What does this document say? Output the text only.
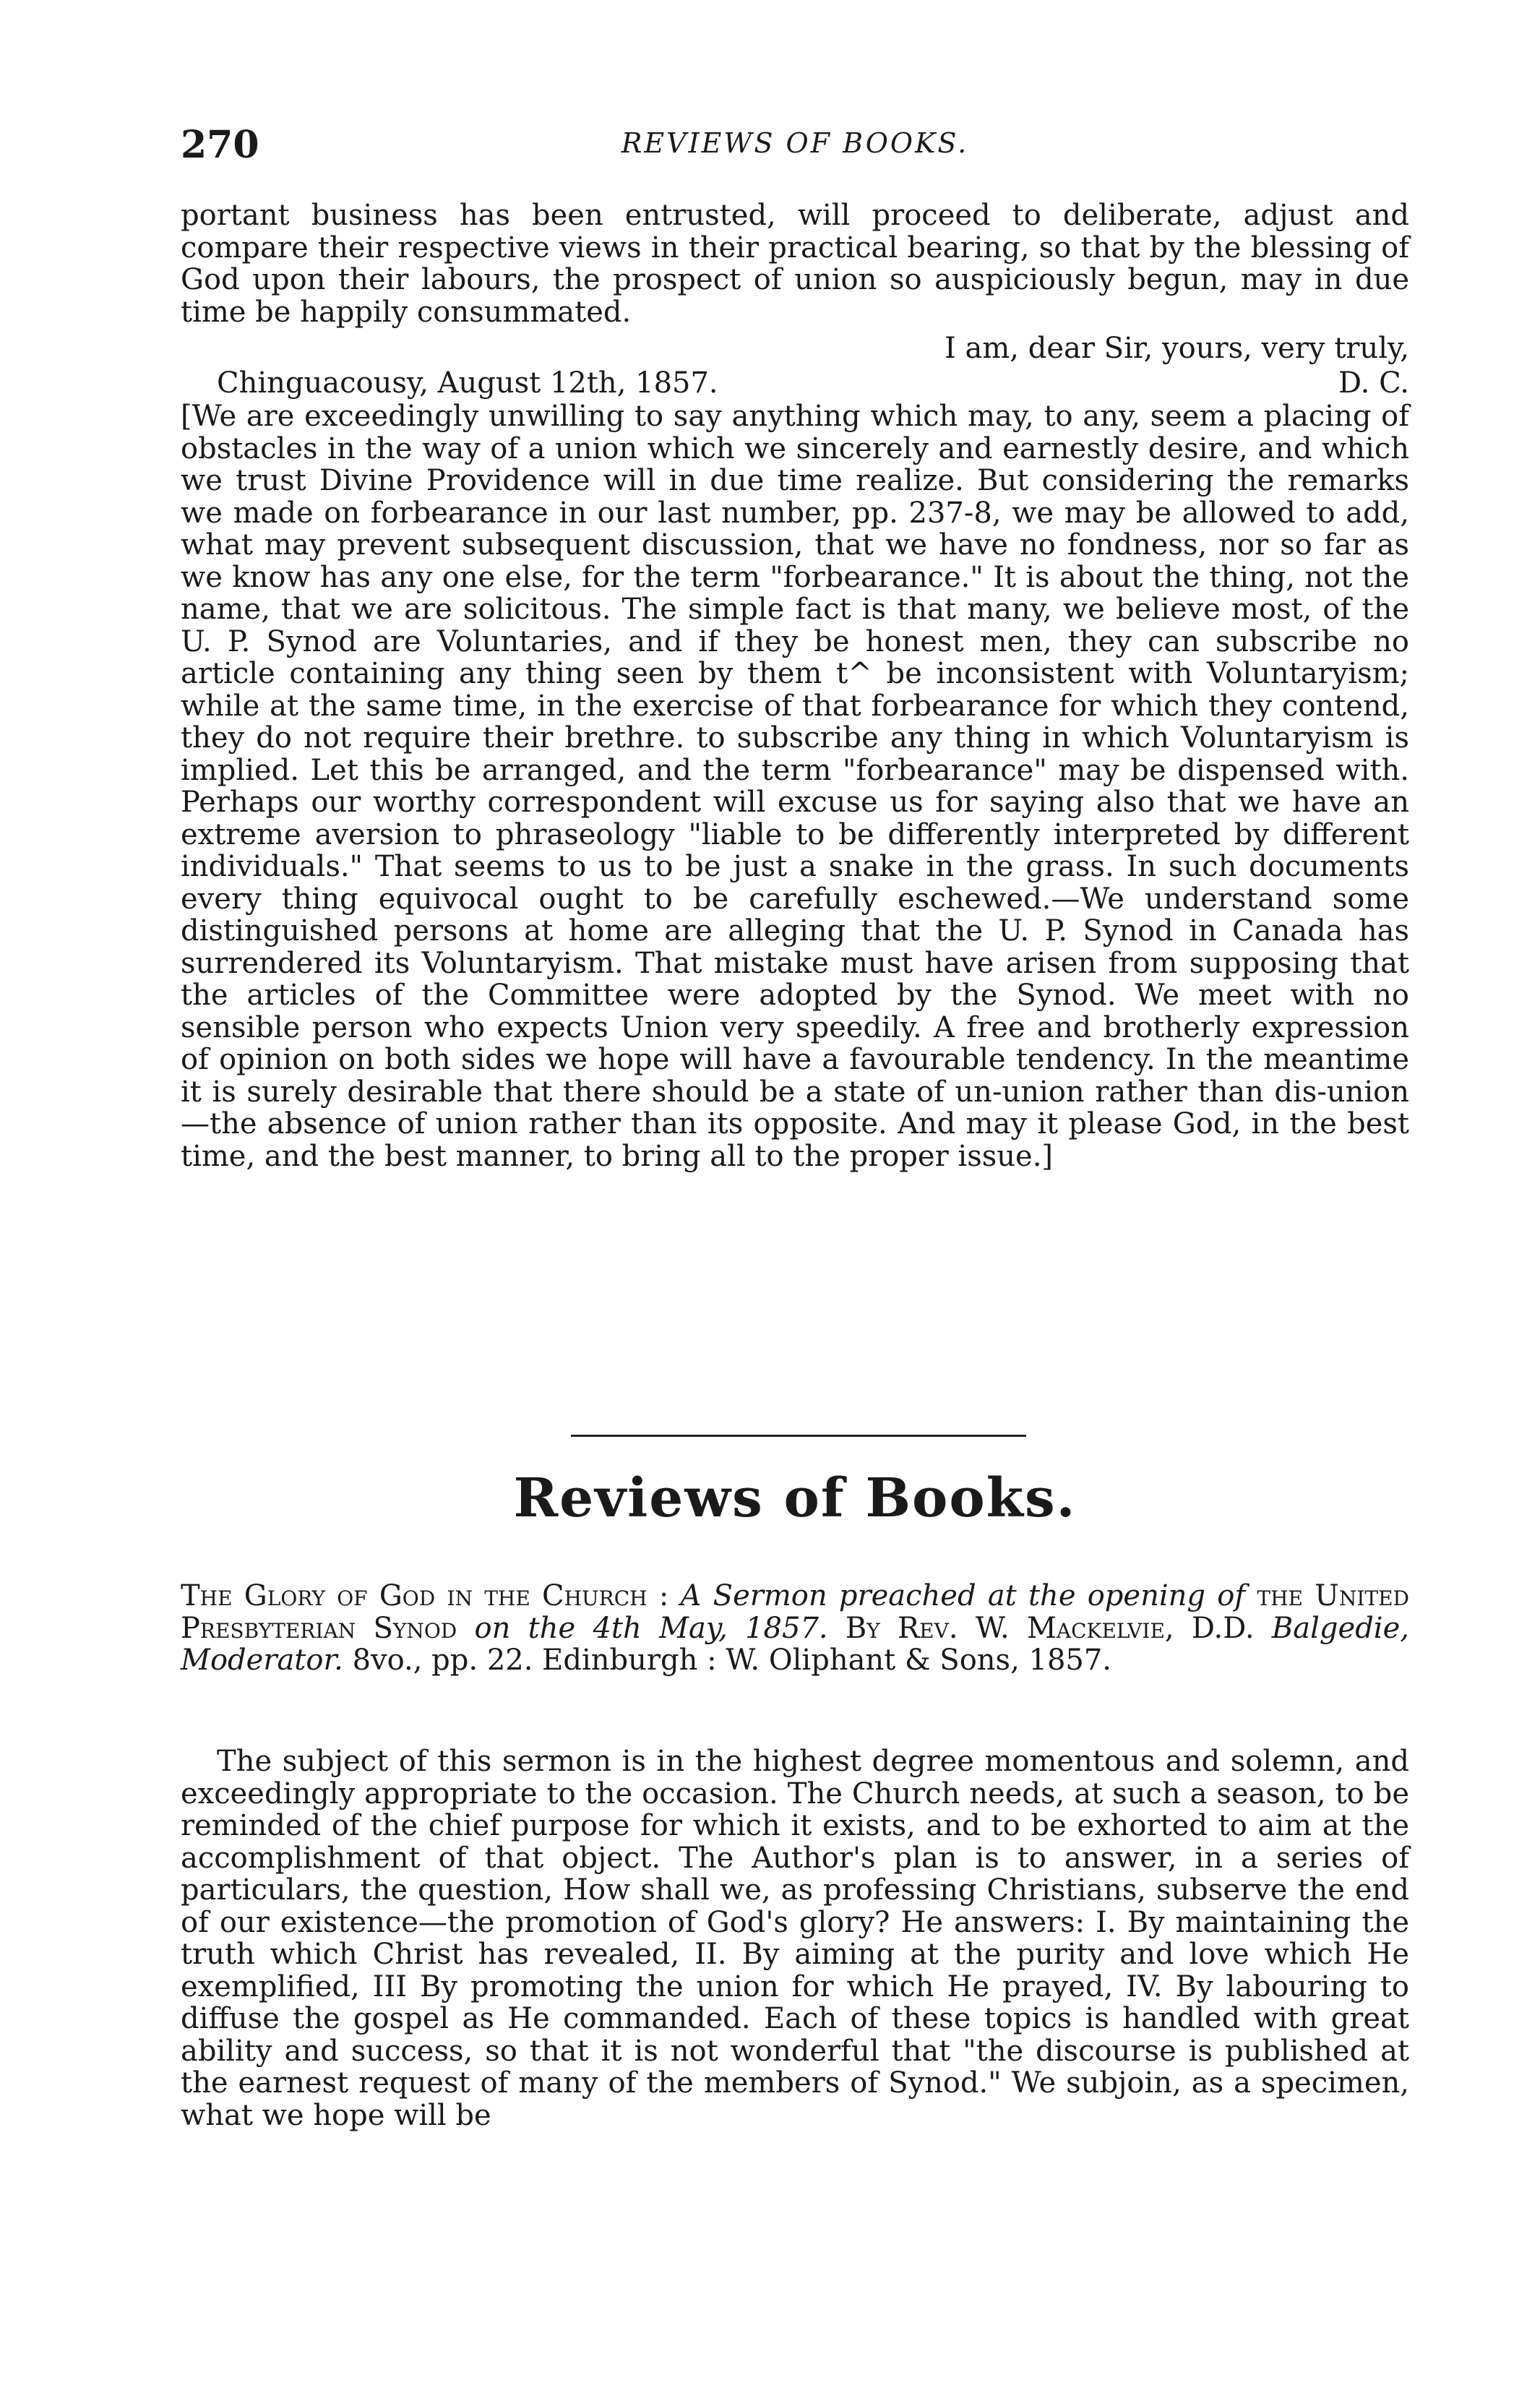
270	REVIEWS OF BOOKS.

portant business has been entrusted, will proceed to deliberate, adjust and compare their respective views in their practical bearing, so that by the blessing of God upon their labours, the prospect of union so auspiciously begun, may in due time be happily consummated.

I am, dear Sir, yours, very truly,
Chinguacousy, August 12th, 1857.	D. C.

[We are exceedingly unwilling to say anything which may, to any, seem a placing of obstacles in the way of a union which we sincerely and earnestly desire, and which we trust Divine Providence will in due time realize. But considering the remarks we made on forbearance in our last number, pp. 237-8, we may be allowed to add, what may prevent subsequent discussion, that we have no fondness, nor so far as we know has any one else, for the term "forbearance." It is about the thing, not the name, that we are solicitous. The simple fact is that many, we believe most, of the U. P. Synod are Voluntaries, and if they be honest men, they can subscribe no article containing any thing seen by them t^ be inconsistent with Voluntaryism; while at the same time, in the exercise of that forbearance for which they contend, they do not require their brethre. to subscribe any thing in which Voluntaryism is implied. Let this be arranged, and the term "forbearance" may be dispensed with. Perhaps our worthy correspondent will excuse us for saying also that we have an extreme aversion to phraseology "liable to be differently interpreted by different individuals." That seems to us to be just a snake in the grass. In such documents every thing equivocal ought to be carefully eschewed.—We understand some distinguished persons at home are alleging that the U. P. Synod in Canada has surrendered its Voluntaryism. That mistake must have arisen from supposing that the articles of the Committee were adopted by the Synod. We meet with no sensible person who expects Union very speedily. A free and brotherly expression of opinion on both sides we hope will have a favourable tendency. In the meantime it is surely desirable that there should be a state of un-union rather than dis-union—the absence of union rather than its opposite. And may it please God, in the best time, and the best manner, to bring all to the proper issue.]

Reviews of Books.

The Glory of God in the Church : A Sermon preached at the opening of the United Presbyterian Synod on the 4th May, 1857. By Rev. W. Mackelvie, D.D. Balgedie, Moderator. 8vo., pp. 22. Edinburgh : W. Oliphant & Sons, 1857.

The subject of this sermon is in the highest degree momentous and solemn, and exceedingly appropriate to the occasion. The Church needs, at such a season, to be reminded of the chief purpose for which it exists, and to be exhorted to aim at the accomplishment of that object. The Author's plan is to answer, in a series of particulars, the question, How shall we, as professing Christians, subserve the end of our existence—the promotion of God's glory? He answers: I. By maintaining the truth which Christ has revealed, II. By aiming at the purity and love which He exemplified, III By promoting the union for which He prayed, IV. By labouring to diffuse the gospel as He commanded. Each of these topics is handled with great ability and success, so that it is not wonderful that "the discourse is published at the earnest request of many of the members of Synod." We subjoin, as a specimen, what we hope will be
